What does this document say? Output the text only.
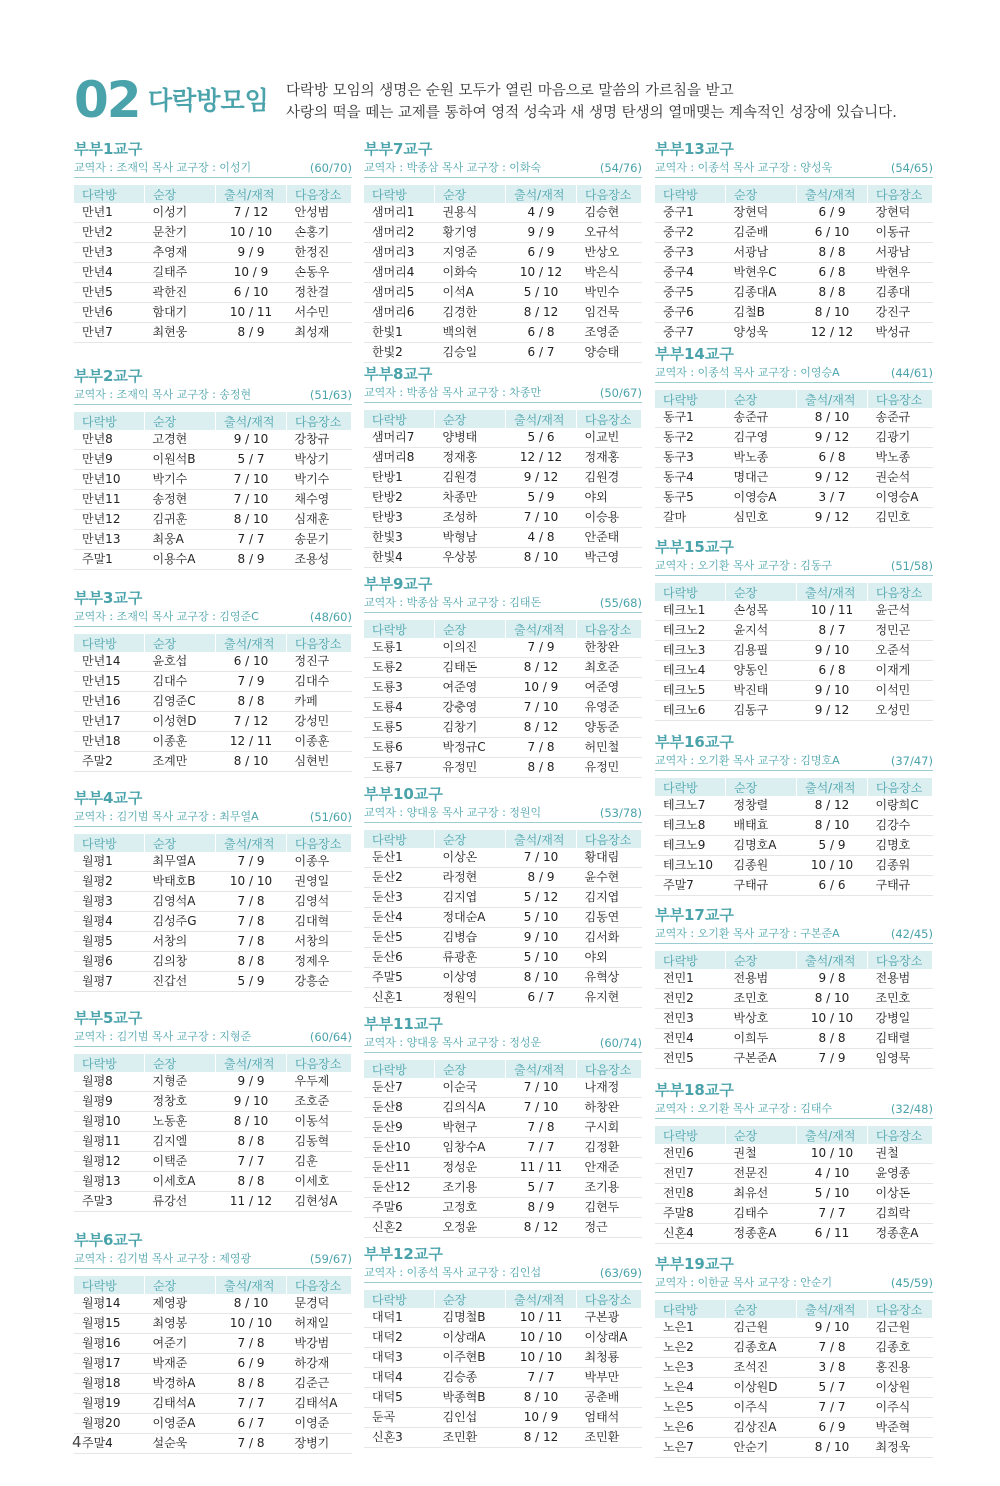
02 다락방모임 다락방 모임의 생명은 순원 모두가 열린 마음으로 말씀의 가르침을 받고
사랑의 떡을 떼는 교제를 통하여 영적 성숙과 새 생명 탄생의 열매맺는 계속적인 성장에 있습니다.
부부1교구
교역자 : 조재익 목사 교구장 : 이성기	(60/70)
다락방	순장	출석/재적	다음장소
만년1	이성기	7 / 12	안성범
만년2	문찬기	10 / 10	손홍기
만년3	추영재	9 / 9	한정진
만년4	길태주	10 / 9	손동우
만년5	곽한진	6 / 10	정찬걸
만년6	함대기	10 / 11	서수민
만년7	최현웅	8 / 9	최성재
부부2교구
교역자 : 조재익 목사 교구장 : 송정현	(51/63)
다락방	순장	출석/재적	다음장소
만년8	고경현	9 / 10	강창규
만년9	이원석B	5 / 7	박상기
만년10	박기수	7 / 10	박기수
만년11	송정현	7 / 10	채수영
만년12	김귀훈	8 / 10	심재훈
만년13	최웅A	7 / 7	송문기
주말1	이용수A	8 / 9	조용성
부부3교구
교역자 : 조재익 목사 교구장 : 김영준C	(48/60)
다락방	순장	출석/재적	다음장소
만년14	윤호섭	6 / 10	정진구
만년15	김대수	7 / 9	김대수
만년16	김영준C	8 / 8	카페
만년17	이성현D	7 / 12	강성민
만년18	이종훈	12 / 11	이종훈
주말2	조계만	8 / 10	심현빈
부부4교구
교역자 : 김기범 목사 교구장 : 최무열A	(51/60)
다락방	순장	출석/재적	다음장소
월평1	최무열A	7 / 9	이종우
월평2	박태호B	10 / 10	권영일
월평3	김영석A	7 / 8	김영석
월평4	김성주G	7 / 8	김대혁
월평5	서창의	7 / 8	서창의
월평6	김의창	8 / 8	정제우
월평7	진갑선	5 / 9	강흥순
부부5교구
교역자 : 김기범 목사 교구장 : 지형준	(60/64)
다락방	순장	출석/재적	다음장소
월평8	지형준	9 / 9	우두제
월평9	정창호	9 / 10	조호준
월평10	노동훈	8 / 10	이동석
월평11	김지엘	8 / 8	김동혁
월평12	이택준	7 / 7	김훈
월평13	이세호A	8 / 8	이세호
주말3	류강선	11 / 12	김현성A
부부6교구
교역자 : 김기범 목사 교구장 : 제영광	(59/67)
다락방	순장	출석/재적	다음장소
월평14	제영광	8 / 10	문경덕
월평15	최영봉	10 / 10	허재일
월평16	여준기	7 / 8	박강범
월평17	박재준	6 / 9	하강재
월평18	박경하A	8 / 8	김준근
월평19	김태석A	7 / 7	김태석A
월평20	이영준A	6 / 7	이영준
주말4	설순욱	7 / 8	장병기
부부7교구
교역자 : 박종삼 목사 교구장 : 이화숙	(54/76)
다락방	순장	출석/재적	다음장소
샘머리1	권용식	4 / 9	김승현
샘머리2	황기영	9 / 9	오규석
샘머리3	지영준	6 / 9	반상오
샘머리4	이화숙	10 / 12	박은식
샘머리5	이석A	5 / 10	박민수
샘머리6	김경한	8 / 12	임건묵
한빛1	백의현	6 / 8	조영준
한빛2	김승일	6 / 7	양승태
부부8교구
교역자 : 박종삼 목사 교구장 : 차종만	(50/67)
다락방	순장	출석/재적	다음장소
샘머리7	양병태	5 / 6	이교빈
샘머리8	정재홍	12 / 12	정재홍
탄방1	김원경	9 / 12	김원경
탄방2	차종만	5 / 9	야외
탄방3	조성하	7 / 10	이승용
한빛3	박형남	4 / 8	안준태
한빛4	우상봉	8 / 10	박근영
부부9교구
교역자 : 박종삼 목사 교구장 : 김태돈	(55/68)
다락방	순장	출석/재적	다음장소
도룡1	이의진	7 / 9	한창완
도룡2	김태돈	8 / 12	최호준
도룡3	여준영	10 / 9	여준영
도룡4	강충영	7 / 10	유영준
도룡5	김창기	8 / 12	양동준
도룡6	박정규C	7 / 8	허민철
도룡7	유정민	8 / 8	유정민
부부10교구
교역자 : 양대웅 목사 교구장 : 정원익	(53/78)
다락방	순장	출석/재적	다음장소
둔산1	이상온	7 / 10	황대림
둔산2	라정현	8 / 9	윤수현
둔산3	김지엽	5 / 12	김지엽
둔산4	정대순A	5 / 10	김동연
둔산5	김병습	9 / 10	김서화
둔산6	류광훈	5 / 10	야외
주말5	이상영	8 / 10	유혁상
신혼1	정원익	6 / 7	유지현
부부11교구
교역자 : 양대웅 목사 교구장 : 정성운	(60/74)
다락방	순장	출석/재적	다음장소
둔산7	이순국	7 / 10	나재정
둔산8	김의식A	7 / 10	하창완
둔산9	박현구	7 / 8	구시회
둔산10	임창수A	7 / 7	김정환
둔산11	정성운	11 / 11	안재준
둔산12	조기용	5 / 7	조기용
주말6	고정호	8 / 9	김현두
신혼2	오정윤	8 / 12	정근
부부12교구
교역자 : 이종석 목사 교구장 : 김인섭	(63/69)
다락방	순장	출석/재적	다음장소
대덕1	김명철B	10 / 11	구본광
대덕2	이상래A	10 / 10	이상래A
대덕3	이주현B	10 / 10	최청룡
대덕4	김승종	7 / 7	박부만
대덕5	박종혁B	8 / 10	공춘배
둔곡	김인섭	10 / 9	엄태석
신혼3	조민환	8 / 12	조민환
부부13교구
교역자 : 이종석 목사 교구장 : 양성욱	(54/65)
다락방	순장	출석/재적	다음장소
중구1	장현덕	6 / 9	장현덕
중구2	김준배	6 / 10	이동규
중구3	서광남	8 / 8	서광남
중구4	박현우C	6 / 8	박현우
중구5	김종대A	8 / 8	김종대
중구6	김철B	8 / 10	강진구
중구7	양성욱	12 / 12	박성규
부부14교구
교역자 : 이종석 목사 교구장 : 이영승A	(44/61)
다락방	순장	출석/재적	다음장소
동구1	송준규	8 / 10	송준규
동구2	김구영	9 / 12	김광기
동구3	박노종	6 / 8	박노종
동구4	명대근	9 / 12	권순석
동구5	이영승A	3 / 7	이영승A
갈마	심민호	9 / 12	김민호
부부15교구
교역자 : 오기환 목사 교구장 : 김동구	(51/58)
다락방	순장	출석/재적	다음장소
테크노1	손성목	10 / 11	윤근석
테크노2	윤지석	8 / 7	정민곤
테크노3	김용필	9 / 10	오준석
테크노4	양동인	6 / 8	이재게
테크노5	박진태	9 / 10	이석민
테크노6	김동구	9 / 12	오성민
부부16교구
교역자 : 오기환 목사 교구장 : 김명호A	(37/47)
다락방	순장	출석/재적	다음장소
테크노7	정창렬	8 / 12	이랑희C
테크노8	배태효	8 / 10	김강수
테크노9	김명호A	5 / 9	김명호
테크노10	김종원	10 / 10	김종워
주말7	구태규	6 / 6	구태규
부부17교구
교역자 : 오기환 목사 교구장 : 구본준A	(42/45)
다락방	순장	출석/재적	다음장소
전민1	전용범	9 / 8	전용범
전민2	조민호	8 / 10	조민호
전민3	박상호	10 / 10	강병일
전민4	이희두	8 / 8	김태렬
전민5	구본준A	7 / 9	임영묵
부부18교구
교역자 : 오기환 목사 교구장 : 김태수	(32/48)
다락방	순장	출석/재적	다음장소
전민6	권철	10 / 10	권철
전민7	전문진	4 / 10	윤영종
전민8	최유선	5 / 10	이상돈
주말8	김태수	7 / 7	김희락
신혼4	정종훈A	6 / 11	정종훈A
부부19교구
교역자 : 이한균 목사 교구장 : 안순기	(45/59)
다락방	순장	출석/재적	다음장소
노은1	김근원	9 / 10	김근원
노은2	김종호A	7 / 8	김종호
노은3	조석진	3 / 8	홍진용
노은4	이상원D	5 / 7	이상원
노은5	이주식	7 / 7	이주식
노은6	김상진A	6 / 9	박준혁
노은7	안순기	8 / 10	최정욱
4
